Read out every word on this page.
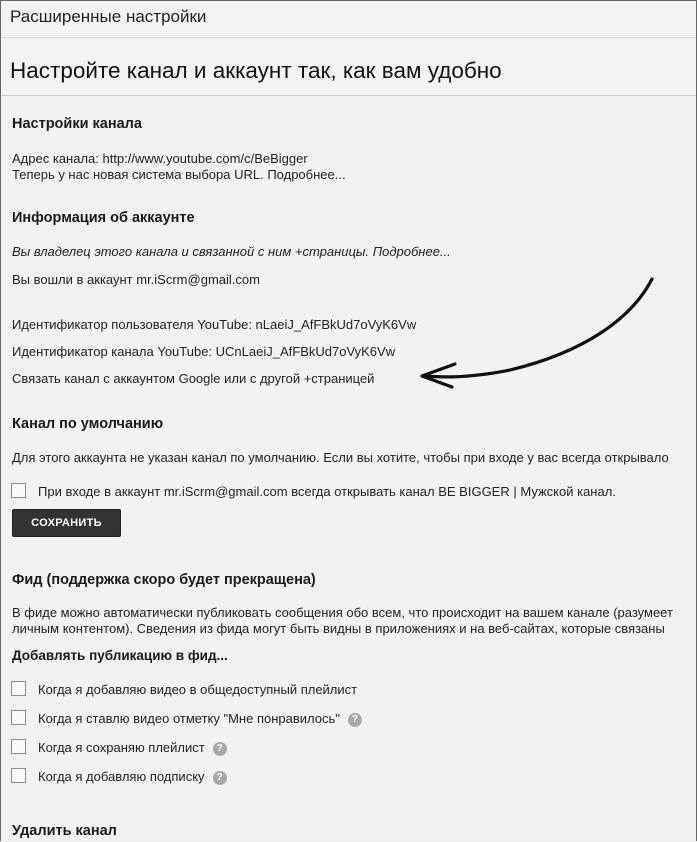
Расширенные настройки
Настройте канал и аккаунт так, как вам удобно
Настройки канала
Адрес канала: http://www.youtube.com/c/BeBigger
Теперь у нас новая система выбора URL. Подробнее...
Информация об аккаунте
Вы владелец этого канала и связанной с ним +страницы. Подробнее...
Вы вошли в аккаунт mr.iScrm@gmail.com
Идентификатор пользователя YouTube: nLaeiJ_AfFBkUd7oVyK6Vw
Идентификатор канала YouTube: UCnLaeiJ_AfFBkUd7oVyK6Vw
Связать канал с аккаунтом Google или с другой +страницей
Канал по умолчанию
Для этого аккаунта не указан канал по умолчанию. Если вы хотите, чтобы при входе у вас всегда открывало
При входе в аккаунт mr.iScrm@gmail.com всегда открывать канал BE BIGGER | Мужской канал.
СОХРАНИТЬ
Фид (поддержка скоро будет прекращена)
В фиде можно автоматически публиковать сообщения обо всем, что происходит на вашем канале (разумеет
личным контентом). Сведения из фида могут быть видны в приложениях и на веб-сайтах, которые связаны
Добавлять публикацию в фид...
Когда я добавляю видео в общедоступный плейлист
Когда я ставлю видео отметку "Мне понравилось" ?
Когда я сохраняю плейлист ?
Когда я добавляю подписку ?
Удалить канал
